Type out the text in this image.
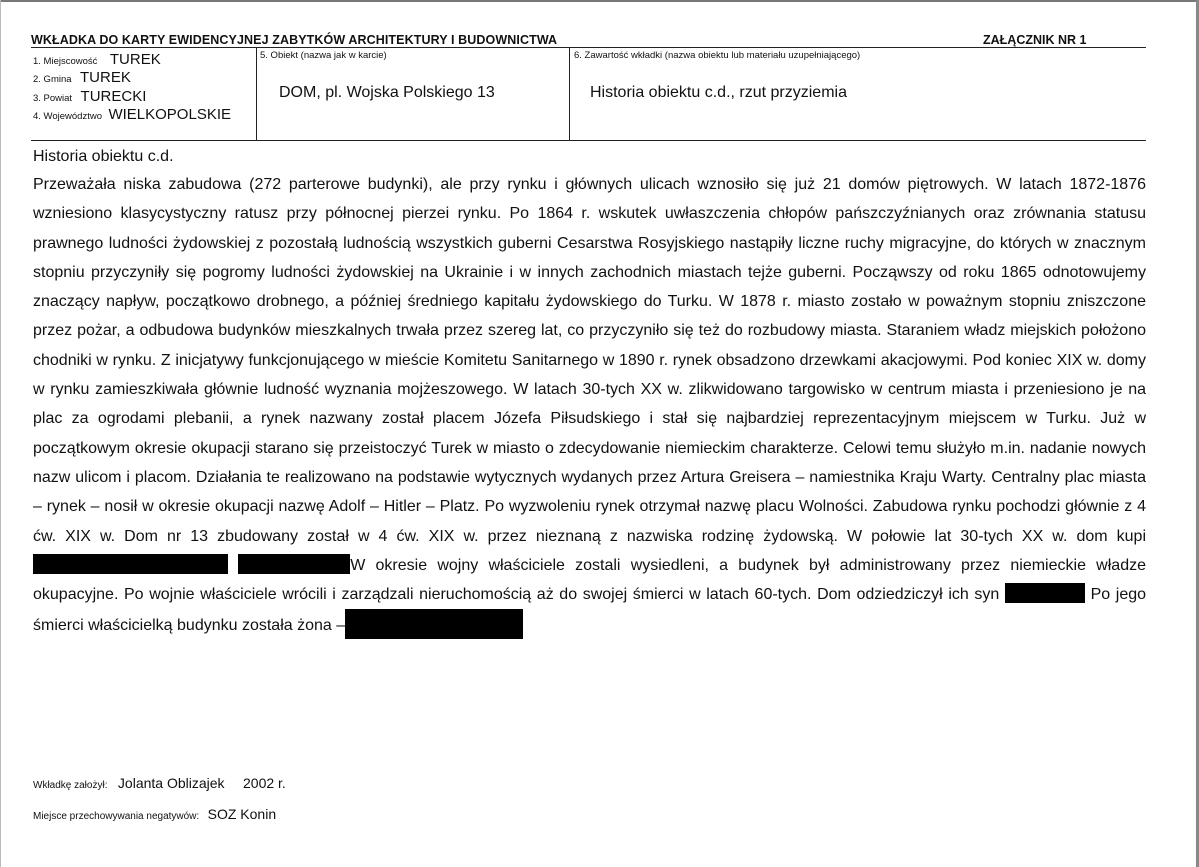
WKŁADKA DO KARTY EWIDENCYJNEJ ZABYTKÓW ARCHITEKTURY I BUDOWNICTWA	ZAŁĄCZNIK NR 1
1. Miejscowość TUREK
2. Gmina TUREK
3. Powiat TURECKI
4. Województwo WIELKOPOLSKIE
5. Obiekt (nazwa jak w karcie)
DOM, pl. Wojska Polskiego 13
6. Zawartość wkładki (nazwa obiektu lub materiału uzupełniającego)
Historia obiektu c.d., rzut przyziemia
Historia obiektu c.d.
Przeważała niska zabudowa (272 parterowe budynki), ale przy rynku i głównych ulicach wznosiło się już 21 domów piętrowych. W latach 1872-1876 wzniesiono klasycystyczny ratusz przy północnej pierzei rynku. Po 1864 r. wskutek uwłaszczenia chłopów pańszczyźnianych oraz zrównania statusu prawnego ludności żydowskiej z pozostałą ludnością wszystkich guberni Cesarstwa Rosyjskiego nastąpiły liczne ruchy migracyjne, do których w znacznym stopniu przyczyniły się pogromy ludności żydowskiej na Ukrainie i w innych zachodnich miastach tejże guberni. Począwszy od roku 1865 odnotowujemy znaczący napływ, początkowo drobnego, a później średniego kapitału żydowskiego do Turku. W 1878 r. miasto zostało w poważnym stopniu zniszczone przez pożar, a odbudowa budynków mieszkalnych trwała przez szereg lat, co przyczyniło się też do rozbudowy miasta. Staraniem władz miejskich położono chodniki w rynku. Z inicjatywy funkcjonującego w mieście Komitetu Sanitarnego w 1890 r. rynek obsadzono drzewkami akacjowymi. Pod koniec XIX w. domy w rynku zamieszkiwała głównie ludność wyznania mojżeszowego. W latach 30-tych XX w. zlikwidowano targowisko w centrum miasta i przeniesiono je na plac za ogrodami plebanii, a rynek nazwany został placem Józefa Piłsudskiego i stał się najbardziej reprezentacyjnym miejscem w Turku. Już w początkowym okresie okupacji starano się przeistoczyć Turek w miasto o zdecydowanie niemieckim charakterze. Celowi temu służyło m.in. nadanie nowych nazw ulicom i placom. Działania te realizowano na podstawie wytycznych wydanych przez Artura Greisera – namiestnika Kraju Warty. Centralny plac miasta – rynek – nosił w okresie okupacji nazwę Adolf – Hitler – Platz. Po wyzwoleniu rynek otrzymał nazwę placu Wolności. Zabudowa rynku pochodzi głównie z 4 ćw. XIX w. Dom nr 13 zbudowany został w 4 ćw. XIX w. przez nieznaną z nazwiska rodzinę żydowską. W połowie lat 30-tych XX w. dom kupi W okresie wojny właściciele zostali wysiedleni, a budynek był administrowany przez niemieckie władze okupacyjne. Po wojnie właściciele wrócili i zarządzali nieruchomością aż do swojej śmierci w latach 60-tych. Dom odziedziczył ich syn	Po jego śmierci właścicielką budynku została żona –
Wkładkę założył: Jolanta Oblizajek 2002 r.
Miejsce przechowywania negatywów: SOZ Konin
